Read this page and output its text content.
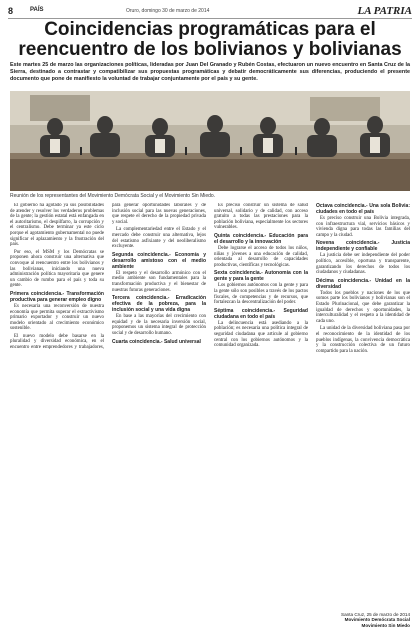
8	PAÍS	Oruro, domingo 30 de marzo de 2014	LA PATRIA
Coincidencias programáticas para el reencuentro de los bolivianos y bolivianas
Este martes 25 de marzo las organizaciones políticas, lideradas por Juan Del Granado y Rubén Costas, efectuaron un nuevo encuentro en Santa Cruz de la Sierra, destinado a contrastar y compatibilizar sus propuestas programáticas y debatir democráticamente sus diferencias, produciendo el presente documento que pone de manifiesto la voluntad de trabajar conjuntamente por el país y su gente.
Reunión de los representantes del Movimiento Demócrata Social y el Movimiento Sin Miedo.

El gobierno ha agotado ya sus posibilidades de atender y resolver los verdaderos problemas de la gente; la gestión estatal está enfangada en el autoritarismo, el despilfarro, la corrupción y el centralismo. Debe terminar ya este ciclo porque el agotamiento gubernamental no puede significar el aplazamiento y la frustración del país.

Por eso, el MSM y los Demócratas se proponen ahora construir una alternativa que convoque al reencuentro entre los bolivianos y las bolivianas, iniciando una nueva administración política mayoritaria que genere un cambio de rumbo para el país y toda su gente.

Primera coincidencia.- Transformación productiva para generar empleo digno

Es necesaria una reconversión de nuestra economía que permita superar el extractivismo primario exportador y construir un nuevo modelo orientado al crecimiento económico sostenible.

El nuevo modelo debe basarse en la pluralidad y diversidad económica, en el encuentro entre emprendedores y trabajadores, para generar oportunidades laborales y de inclusión social para las nuevas generaciones, que respete el derecho de la propiedad privada y social.

La complementariedad entre el Estado y el mercado debe construir una alternativa, lejos del estatismo asfixiante y del neoliberalismo excluyente.

Segunda coincidencia.- Economía y desarrollo amistoso con el medio ambiente

El respeto y el desarrollo armónico con el medio ambiente son fundamentales para la transformación productiva y el bienestar de nuestras futuras generaciones.

Tercera coincidencia.- Erradicación efectiva de la pobreza, para la inclusión social y una vida digna

En base a las mayorías del crecimiento con equidad y de la necesaria inversión social, proponemos un sistema integral de protección social y de desarrollo humano.

Cuarta coincidencia.- Salud universal

Es preciso construir un sistema de salud universal, solidario y de calidad, con acceso gratuito a todas las prestaciones para la población boliviana, especialmente los sectores vulnerables.

Quinta coincidencia.- Educación para el desarrollo y la innovación

Debe lograrse el acceso de todos los niños, niñas y jóvenes a una educación de calidad, orientada al desarrollo de capacidades productivas, científicas y tecnológicas.

Sexta coincidencia.- Autonomía con la gente y para la gente

Los gobiernos autónomos con la gente y para la gente sólo son posibles a través de los pactos fiscales, de competencias y de recursos, que fortalezcan la descentralización del poder.

Séptima coincidencia.- Seguridad ciudadana en todo el país

La delincuencia está asediando a la población; es necesaria una política integral de seguridad ciudadana que articule al gobierno central con los gobiernos autónomos y la comunidad organizada.

Octava coincidencia.- Una sola Bolivia: ciudades en todo el país

Es preciso construir una Bolivia integrada, con infraestructura vial, servicios básicos y vivienda digna para todas las familias del campo y la ciudad.

Novena coincidencia.- Justicia independiente y confiable

La justicia debe ser independiente del poder político, accesible, oportuna y transparente, garantizando los derechos de todos los ciudadanos y ciudadanas.

Décima coincidencia.- Unidad en la diversidad

Todos los pueblos y naciones de los que somos parte los bolivianos y bolivianas son el Estado Plurinacional, que debe garantizar la igualdad de derechos y oportunidades, la interculturalidad y el respeto a la identidad de cada uno.

La unidad de la diversidad boliviana pasa por el reconocimiento de la identidad de los pueblos indígenas, la convivencia democrática y la construcción colectiva de un futuro compartido para la nación.

Santa Cruz, 25 de marzo de 2014
Movimiento Demócrata Social
Movimiento Sin Miedo
